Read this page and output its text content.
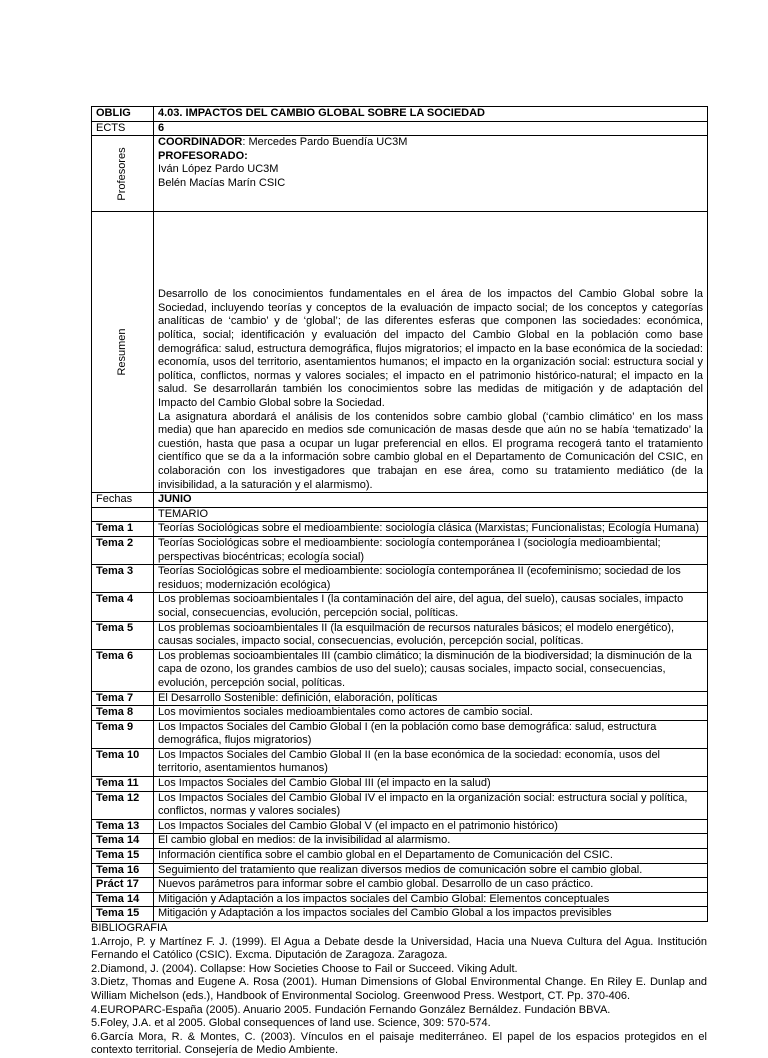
OBLIG	4.03. IMPACTOS DEL CAMBIO GLOBAL SOBRE LA SOCIEDAD
ECTS	6

Profesores	COORDINADOR: Mercedes Pardo Buendía UC3M
PROFESORADO:
Iván López Pardo UC3M
Belén Macías Marín CSIC

Resumen	Desarrollo de los conocimientos fundamentales en el área de los impactos del Cambio Global sobre la Sociedad, incluyendo teorías y conceptos de la evaluación de impacto social; de los conceptos y categorías analíticas de ‘cambio’ y de ‘global’; de las diferentes esferas que componen las sociedades: económica, política, social; identificación y evaluación del impacto del Cambio Global en la población como base demográfica: salud, estructura demográfica, flujos migratorios; el impacto en la base económica de la sociedad: economía, usos del territorio, asentamientos humanos; el impacto en la organización social: estructura social y política, conflictos, normas y valores sociales; el impacto en el patrimonio histórico-natural; el impacto en la salud. Se desarrollarán también los conocimientos sobre las medidas de mitigación y de adaptación del Impacto del Cambio Global sobre la Sociedad.
La asignatura abordará el análisis de los contenidos sobre cambio global (‘cambio climático’ en los mass media) que han aparecido en medios sde comunicación de masas desde que aún no se había ‘tematizado’ la cuestión, hasta que pasa a ocupar un lugar preferencial en ellos. El programa recogerá tanto el tratamiento científico que se da a la información sobre cambio global en el Departamento de Comunicación del CSIC, en colaboración con los investigadores que trabajan en ese área, como su tratamiento mediático (de la invisibilidad, a la saturación y el alarmismo).

Fechas	JUNIO
	TEMARIO
Tema 1	Teorías Sociológicas sobre el medioambiente: sociología clásica (Marxistas; Funcionalistas; Ecología Humana)
Tema 2	Teorías Sociológicas sobre el medioambiente: sociología contemporánea I (sociología medioambiental; perspectivas biocéntricas; ecología social)
Tema 3	Teorías Sociológicas sobre el medioambiente: sociología contemporánea II (ecofeminismo; sociedad de los residuos; modernización ecológica)
Tema 4	Los problemas socioambientales I (la contaminación del aire, del agua, del suelo), causas sociales, impacto social, consecuencias, evolución, percepción social, políticas.
Tema 5	Los problemas socioambientales II (la esquilmación de recursos naturales básicos; el modelo energético), causas sociales, impacto social, consecuencias, evolución, percepción social, políticas.
Tema 6	Los problemas socioambientales III (cambio climático; la disminución de la biodiversidad; la disminución de la capa de ozono, los grandes cambios de uso del suelo); causas sociales, impacto social, consecuencias, evolución, percepción social, políticas.
Tema 7	El Desarrollo Sostenible: definición, elaboración, políticas
Tema 8	Los movimientos sociales medioambientales como actores de cambio social.
Tema 9	Los Impactos Sociales del Cambio Global I (en la población como base demográfica: salud, estructura demográfica, flujos migratorios)
Tema 10	Los Impactos Sociales del Cambio Global II (en la base económica de la sociedad: economía, usos del territorio, asentamientos humanos)
Tema 11	Los Impactos Sociales del Cambio Global III (el impacto en la salud)
Tema 12	Los Impactos Sociales del Cambio Global IV el impacto en la organización social: estructura social y política, conflictos, normas y valores sociales)
Tema 13	Los Impactos Sociales del Cambio Global V (el impacto en el patrimonio histórico)
Tema 14	El cambio global en medios: de la invisibilidad al alarmismo.
Tema 15	Información científica sobre el cambio global en el Departamento de Comunicación del CSIC.
Tema 16	Seguimiento del tratamiento que realizan diversos medios de comunicación sobre el cambio global.
Práct 17	Nuevos parámetros para informar sobre el cambio global. Desarrollo de un caso práctico.
Tema 14	Mitigación y Adaptación a los impactos sociales del Cambio Global: Elementos conceptuales
Tema 15	Mitigación y Adaptación a los impactos sociales del Cambio Global a los impactos previsibles
BIBLIOGRAFIA
1.Arrojo, P. y Martínez F. J. (1999). El Agua a Debate desde la Universidad, Hacia una Nueva Cultura del Agua. Institución Fernando el Católico (CSIC). Excma. Diputación de Zaragoza. Zaragoza.
2.Diamond, J. (2004). Collapse: How Societies Choose to Fail or Succeed. Viking Adult.
3.Dietz, Thomas and Eugene A. Rosa (2001). Human Dimensions of Global Environmental Change. En Riley E. Dunlap and William Michelson (eds.), Handbook of Environmental Sociolog. Greenwood Press. Westport, CT. Pp. 370-406.
4.EUROPARC-España (2005). Anuario 2005. Fundación Fernando González Bernáldez. Fundación BBVA.
5.Foley, J.A. et al 2005. Global consequences of land use. Science, 309: 570-574.
6.García Mora, R. & Montes, C. (2003). Vínculos en el paisaje mediterráneo. El papel de los espacios protegidos en el contexto territorial. Consejería de Medio Ambiente.
